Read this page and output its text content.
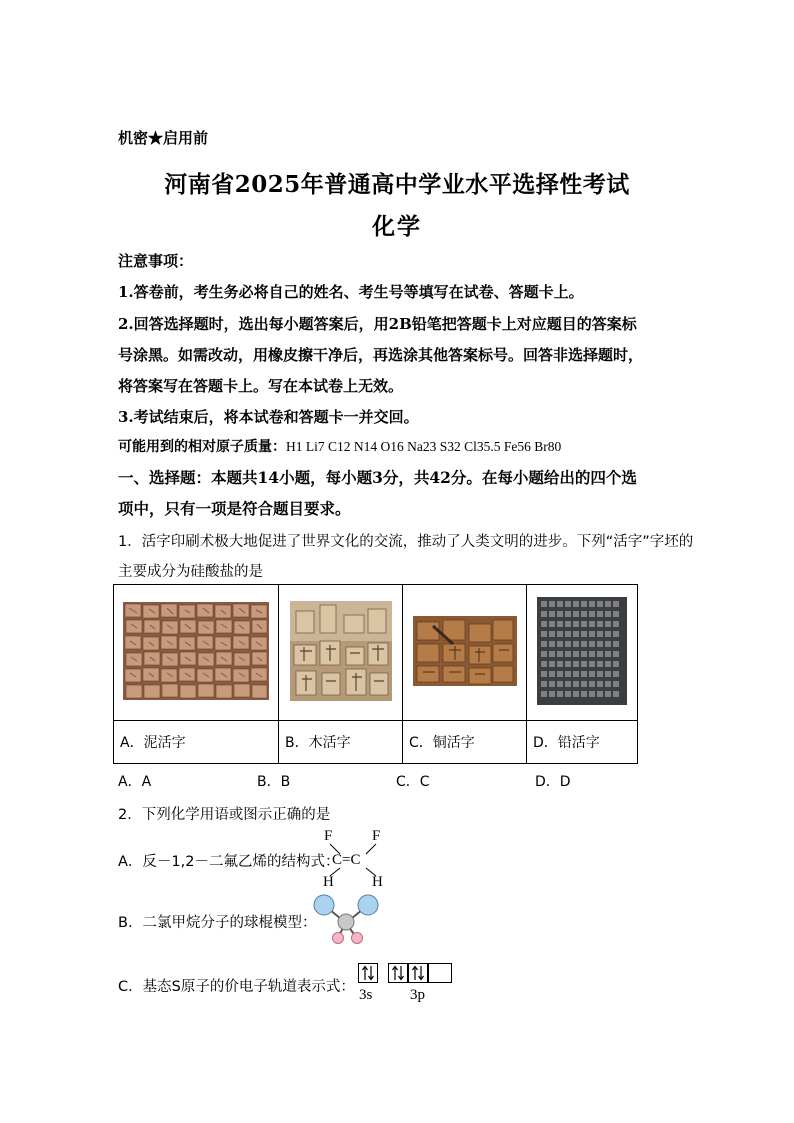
机密★启用前
河南省2025年普通高中学业水平选择性考试
化学
注意事项：
1.答卷前，考生务必将自己的姓名、考生号等填写在试卷、答题卡上。
2.回答选择题时，选出每小题答案后，用2B铅笔把答题卡上对应题目的答案标
号涂黑。如需改动，用橡皮擦干净后，再选涂其他答案标号。回答非选择题时，
将答案写在答题卡上。写在本试卷上无效。
3.考试结束后，将本试卷和答题卡一并交回。
可能用到的相对原子质量：H1 Li7 C12 N14 O16 Na23 S32 Cl35.5 Fe56 Br80
一、选择题：本题共14小题，每小题3分，共42分。在每小题给出的四个选
项中，只有一项是符合题目要求。
1．活字印刷术极大地促进了世界文化的交流，推动了人类文明的进步。下列“活字”字坯的
主要成分为硅酸盐的是

A．泥活字	B．木活字	C．铜活字	D．铅活字
A．A	B．B	C．C	D．D
2．下列化学用语或图示正确的是
A．反－1,2－二氟乙烯的结构式：
F	F
C=C
H	H
B．二氯甲烷分子的球棍模型：
C．基态S原子的价电子轨道表示式： 3s	3p
